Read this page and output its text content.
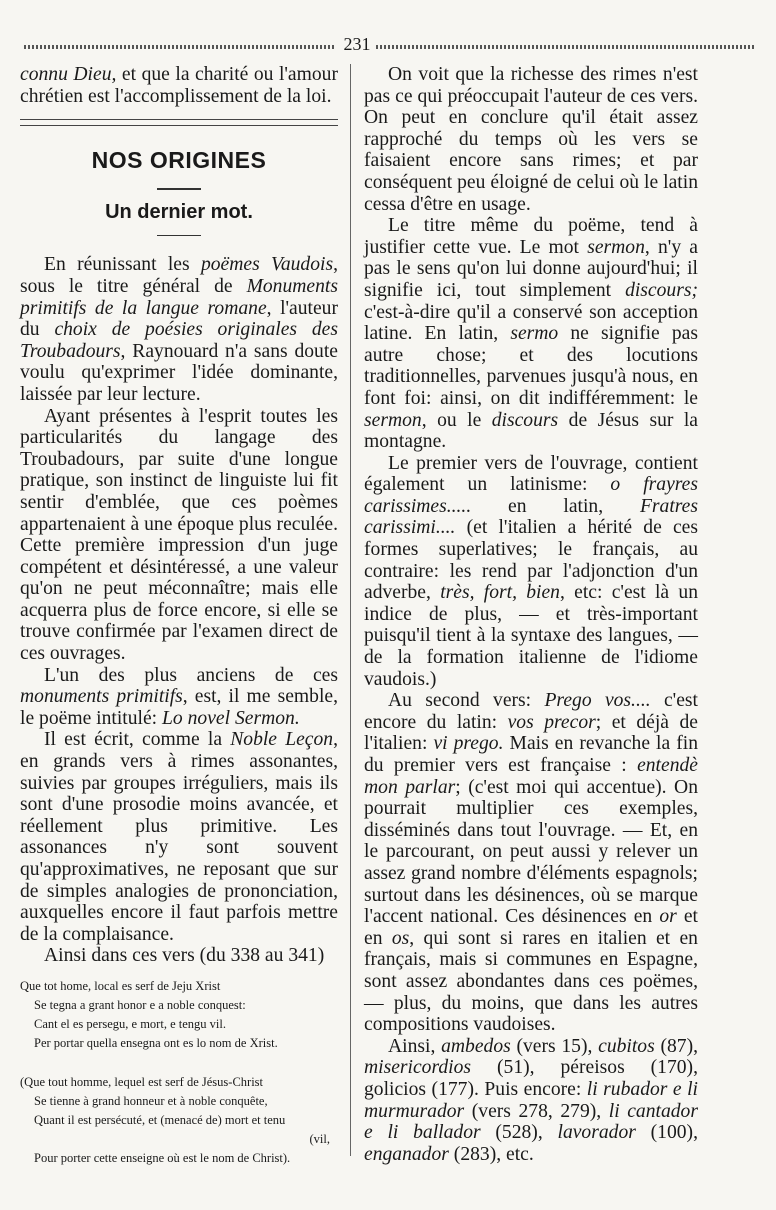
231

connu Dieu, et que la charité ou l'amour chrétien est l'accomplissement de la loi.

NOS ORIGINES
Un dernier mot.

En réunissant les poëmes Vaudois, sous le titre général de Monuments primitifs de la langue romane, l'auteur du choix de poésies originales des Troubadours, Raynouard n'a sans doute voulu qu'exprimer l'idée dominante, laissée par leur lecture.

Ayant présentes à l'esprit toutes les particularités du langage des Troubadours, par suite d'une longue pratique, son instinct de linguiste lui fit sentir d'emblée, que ces poèmes appartenaient à une époque plus reculée. Cette première impression d'un juge compétent et désintéressé, a une valeur qu'on ne peut méconnaître; mais elle acquerra plus de force encore, si elle se trouve confirmée par l'examen direct de ces ouvrages.

L'un des plus anciens de ces monuments primitifs, est, il me semble, le poëme intitulé: Lo novel Sermon.

Il est écrit, comme la Noble Leçon, en grands vers à rimes assonantes, suivies par groupes irréguliers, mais ils sont d'une prosodie moins avancée, et réellement plus primitive. Les assonances n'y sont souvent qu'approximatives, ne reposant que sur de simples analogies de prononciation, auxquelles encore il faut parfois mettre de la complaisance.

Ainsi dans ces vers (du 338 au 341)

Que tot home, local es serf de Jeju Xrist
Se tegna a grant honor e a noble conquest:
Cant el es persegu, e mort, e tengu vil.
Per portar quella ensegna ont es lo nom de Xrist.
(Que tout homme, lequel est serf de Jésus-Christ
Se tienne à grand honneur et à noble conquête,
Quant il est persécuté, et (menacé de) mort et tenu
(vil,
Pour porter cette enseigne où est le nom de Christ).

On voit que la richesse des rimes n'est pas ce qui préoccupait l'auteur de ces vers. On peut en conclure qu'il était assez rapproché du temps où les vers se faisaient encore sans rimes; et par conséquent peu éloigné de celui où le latin cessa d'être en usage.

Le titre même du poëme, tend à justifier cette vue. Le mot sermon, n'y a pas le sens qu'on lui donne aujourd'hui; il signifie ici, tout simplement discours; c'est-à-dire qu'il a conservé son acception latine. En latin, sermo ne signifie pas autre chose; et des locutions traditionnelles, parvenues jusqu'à nous, en font foi: ainsi, on dit indifféremment: le sermon, ou le discours de Jésus sur la montagne.

Le premier vers de l'ouvrage, contient également un latinisme: o frayres carissimes..... en latin, Fratres carissimi.... (et l'italien a hérité de ces formes superlatives; le français, au contraire: les rend par l'adjonction d'un adverbe, très, fort, bien, etc: c'est là un indice de plus, — et très-important puisqu'il tient à la syntaxe des langues, — de la formation italienne de l'idiome vaudois.)

Au second vers: Prego vos.... c'est encore du latin: vos precor; et déjà de l'italien: vi prego. Mais en revanche la fin du premier vers est française : entendè mon parlar; (c'est moi qui accentue). On pourrait multiplier ces exemples, disséminés dans tout l'ouvrage. — Et, en le parcourant, on peut aussi y relever un assez grand nombre d'éléments espagnols; surtout dans les désinences, où se marque l'accent national. Ces désinences en or et en os, qui sont si rares en italien et en français, mais si communes en Espagne, sont assez abondantes dans ces poëmes, — plus, du moins, que dans les autres compositions vaudoises.

Ainsi, ambedos (vers 15), cubitos (87), misericordios (51), péreisos (170), golicios (177). Puis encore: li rubador e li murmurador (vers 278, 279), li cantador e li ballador (528), lavorador (100), enganador (283), etc.
